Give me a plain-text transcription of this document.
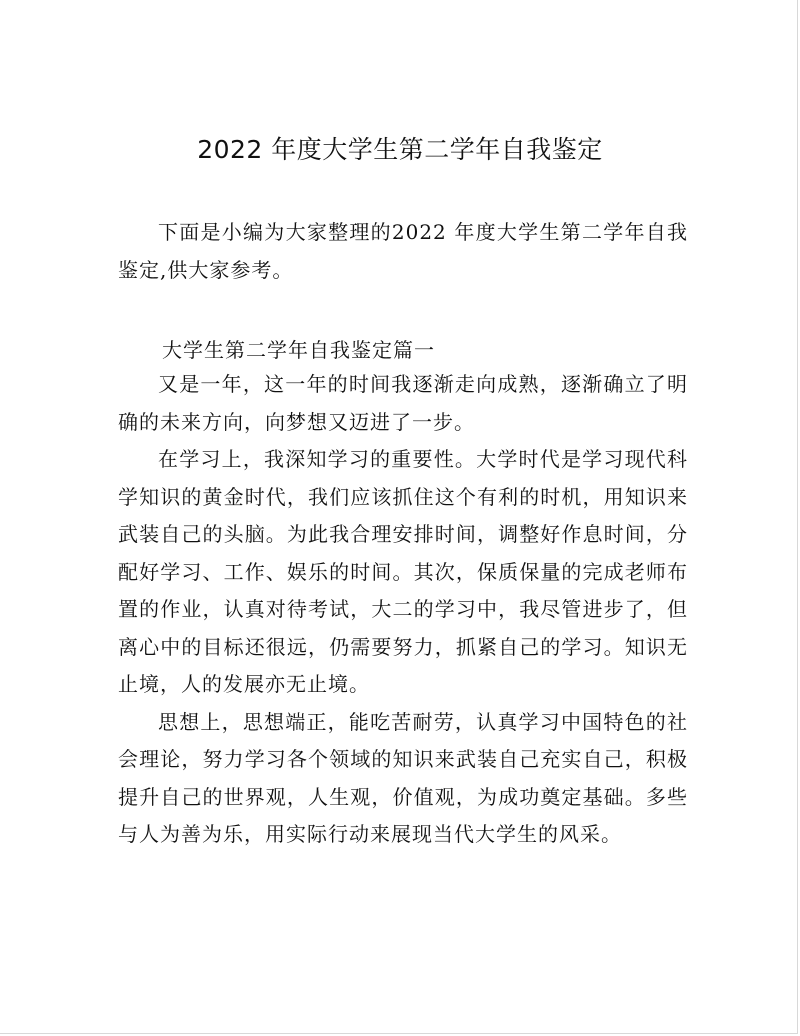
2022 年度大学生第二学年自我鉴定

下面是小编为大家整理的2022 年度大学生第二学年自我鉴定,供大家参考。

大学生第二学年自我鉴定篇一

又是一年，这一年的时间我逐渐走向成熟，逐渐确立了明确的未来方向，向梦想又迈进了一步。

在学习上，我深知学习的重要性。大学时代是学习现代科学知识的黄金时代，我们应该抓住这个有利的时机，用知识来武装自己的头脑。为此我合理安排时间，调整好作息时间，分配好学习、工作、娱乐的时间。其次，保质保量的完成老师布置的作业，认真对待考试，大二的学习中，我尽管进步了，但离心中的目标还很远，仍需要努力，抓紧自己的学习。知识无止境，人的发展亦无止境。

思想上，思想端正，能吃苦耐劳，认真学习中国特色的社会理论，努力学习各个领域的知识来武装自己充实自己，积极提升自己的世界观，人生观，价值观，为成功奠定基础。多些与人为善为乐，用实际行动来展现当代大学生的风采。
